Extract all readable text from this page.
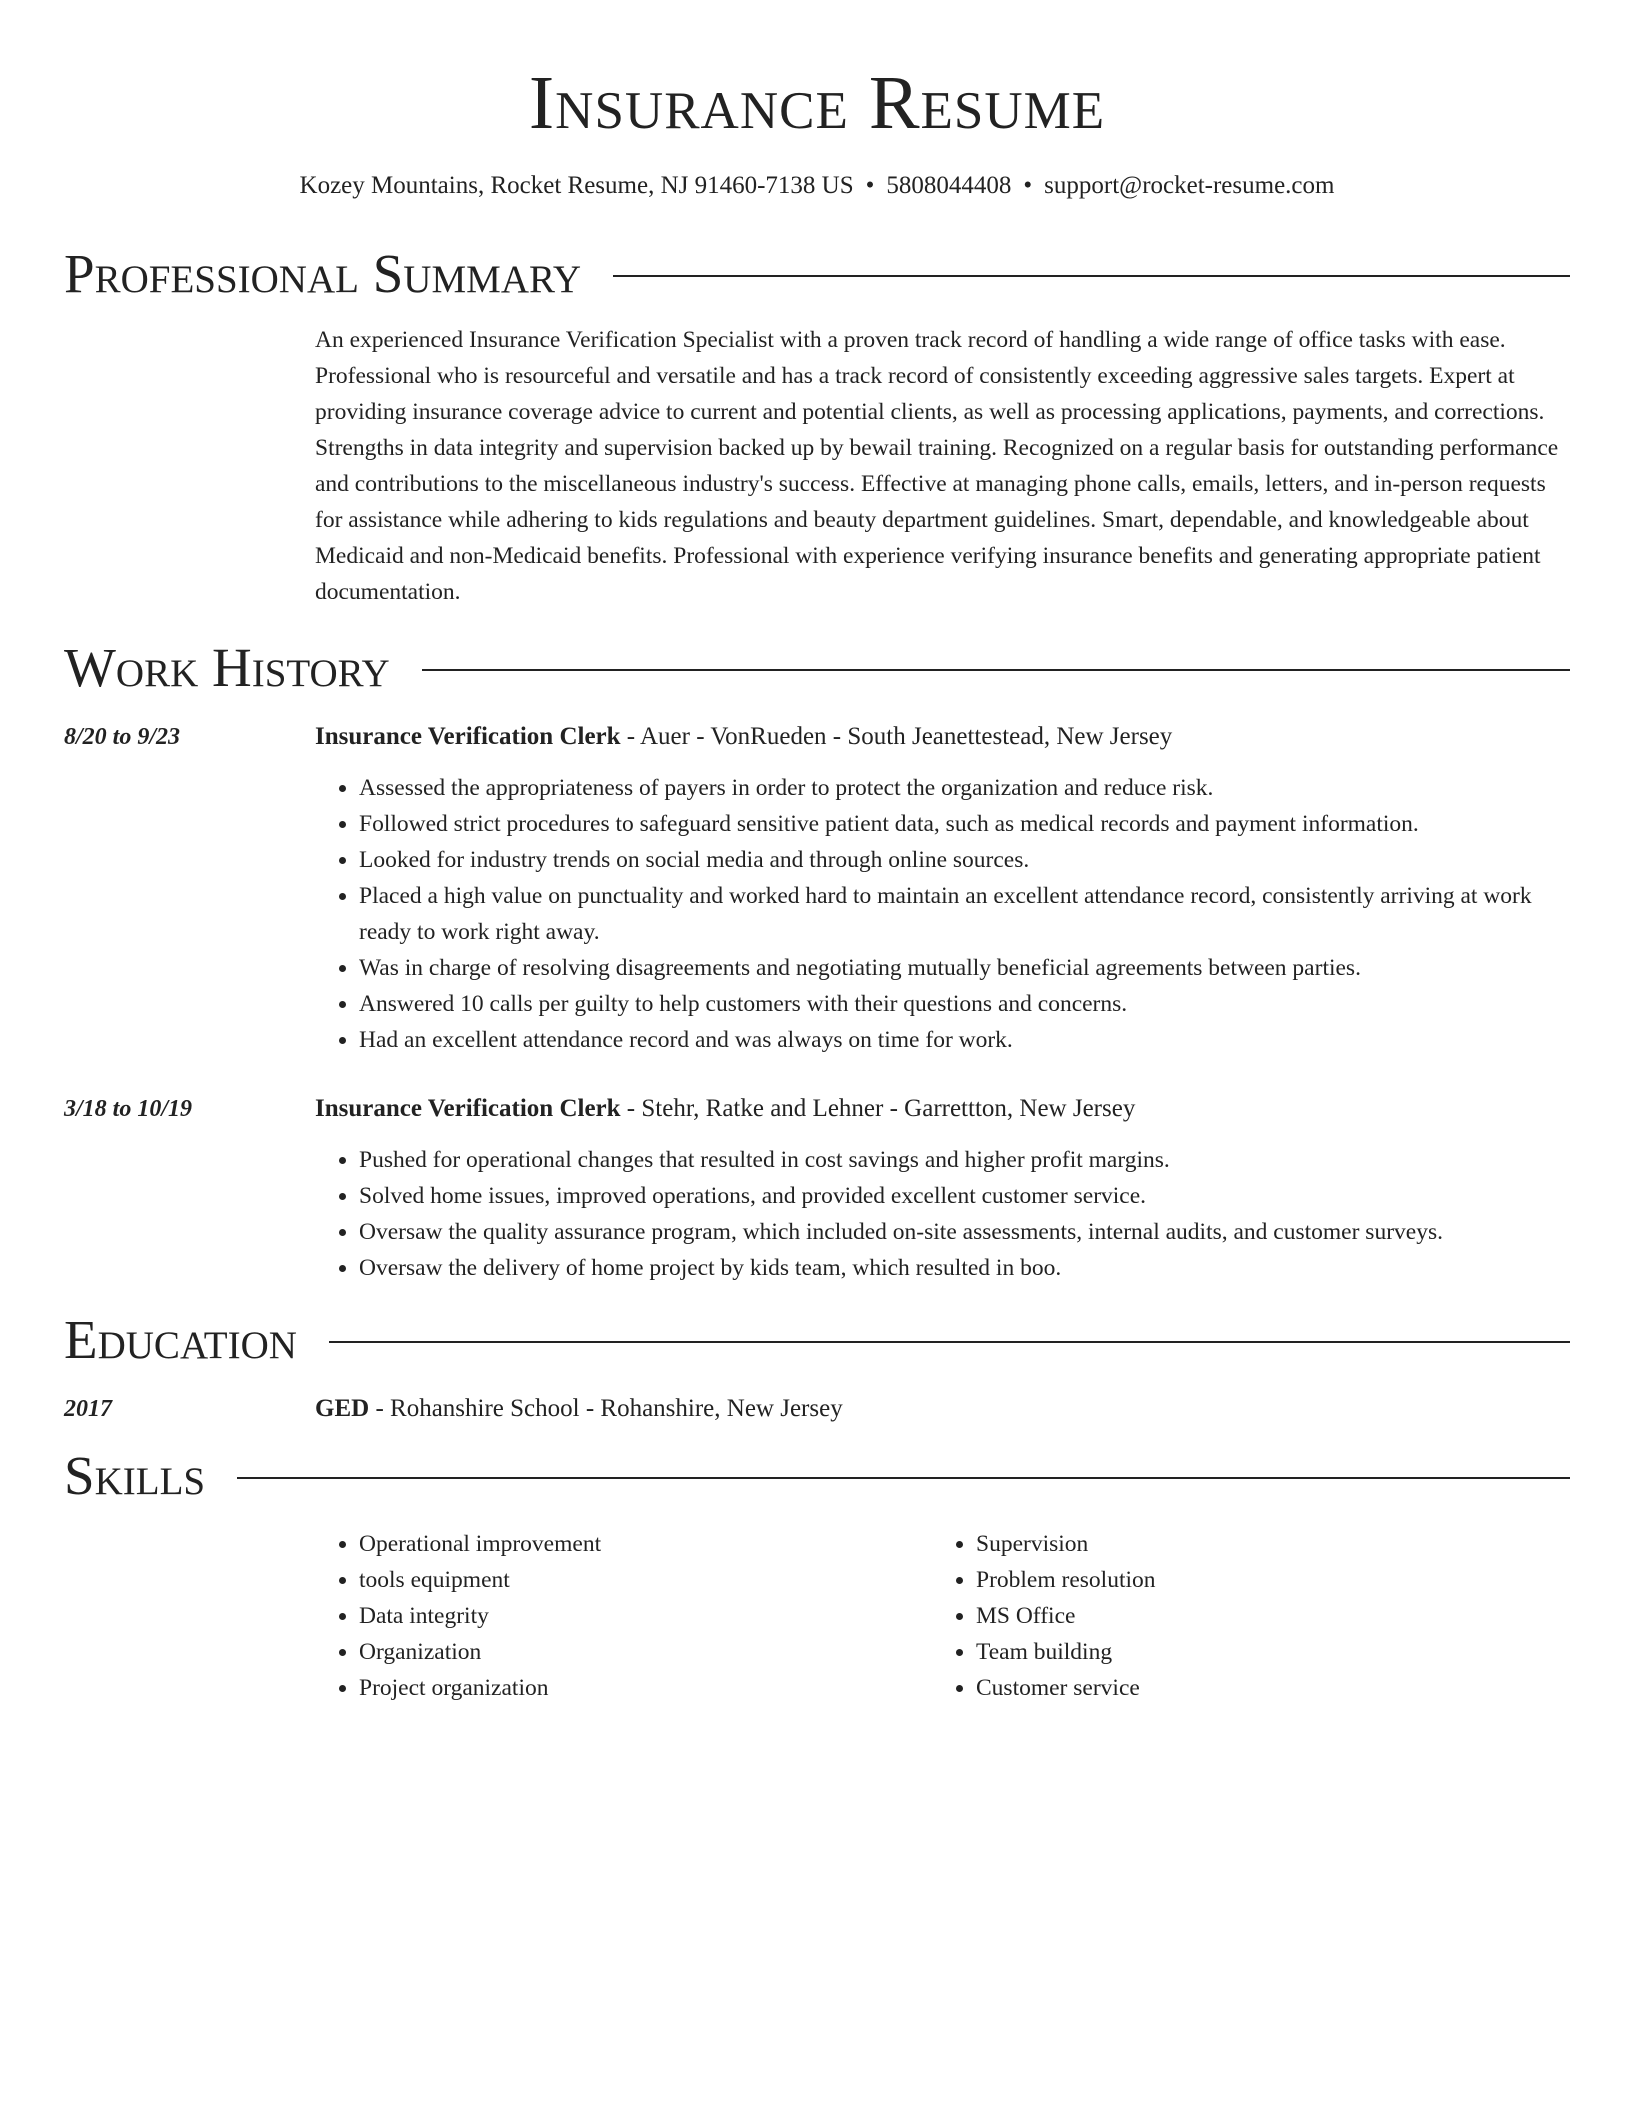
Insurance Resume
Kozey Mountains, Rocket Resume, NJ 91460-7138 US • 5808044408 • support@rocket-resume.com
Professional Summary
An experienced Insurance Verification Specialist with a proven track record of handling a wide range of office tasks with ease. Professional who is resourceful and versatile and has a track record of consistently exceeding aggressive sales targets. Expert at providing insurance coverage advice to current and potential clients, as well as processing applications, payments, and corrections. Strengths in data integrity and supervision backed up by bewail training. Recognized on a regular basis for outstanding performance and contributions to the miscellaneous industry's success. Effective at managing phone calls, emails, letters, and in-person requests for assistance while adhering to kids regulations and beauty department guidelines. Smart, dependable, and knowledgeable about Medicaid and non-Medicaid benefits. Professional with experience verifying insurance benefits and generating appropriate patient documentation.
Work History
8/20 to 9/23	Insurance Verification Clerk - Auer - VonRueden - South Jeanettestead, New Jersey
• Assessed the appropriateness of payers in order to protect the organization and reduce risk.
• Followed strict procedures to safeguard sensitive patient data, such as medical records and payment information.
• Looked for industry trends on social media and through online sources.
• Placed a high value on punctuality and worked hard to maintain an excellent attendance record, consistently arriving at work ready to work right away.
• Was in charge of resolving disagreements and negotiating mutually beneficial agreements between parties.
• Answered 10 calls per guilty to help customers with their questions and concerns.
• Had an excellent attendance record and was always on time for work.
3/18 to 10/19	Insurance Verification Clerk - Stehr, Ratke and Lehner - Garrettton, New Jersey
• Pushed for operational changes that resulted in cost savings and higher profit margins.
• Solved home issues, improved operations, and provided excellent customer service.
• Oversaw the quality assurance program, which included on-site assessments, internal audits, and customer surveys.
• Oversaw the delivery of home project by kids team, which resulted in boo.
Education
2017	GED - Rohanshire School - Rohanshire, New Jersey
Skills
• Operational improvement
• tools equipment
• Data integrity
• Organization
• Project organization
• Supervision
• Problem resolution
• MS Office
• Team building
• Customer service
